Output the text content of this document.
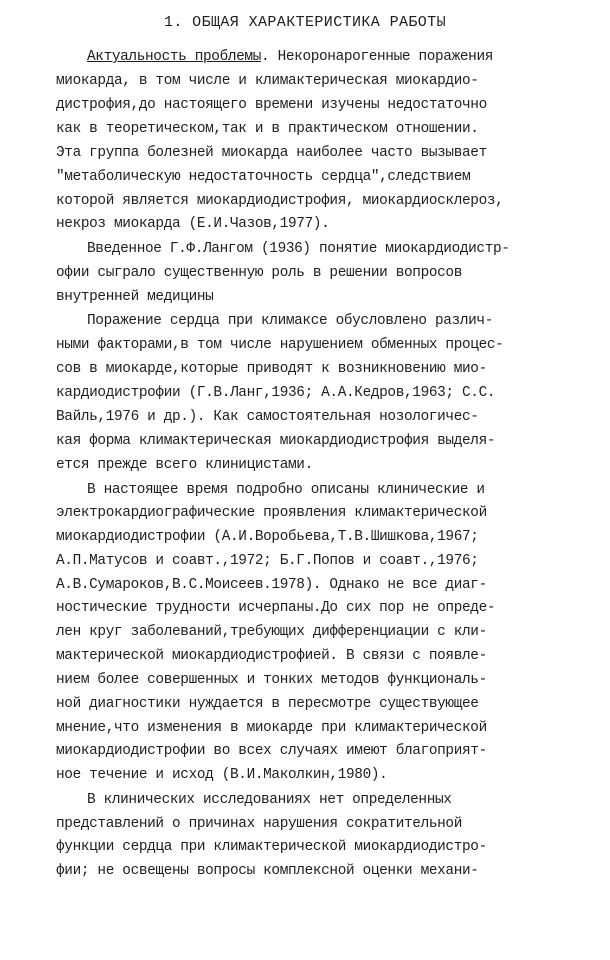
1. ОБЩАЯ ХАРАКТЕРИСТИКА РАБОТЫ
Актуальность проблемы. Некоронарогенные поражения
миокарда, в том числе и климактерическая миокардио-
дистрофия,до настоящего времени изучены недостаточно
как в теоретическом,так и в практическом отношении.
Эта группа болезней миокарда наиболее часто вызывает
"метаболическую недостаточность сердца",следствием
которой является миокардиодистрофия, миокардиосклероз,
некроз миокарда (Е.И.Чазов,1977).
Введенное Г.Ф.Лангом (1936) понятие миокардиодистр-
офии сыграло существенную роль в решении вопросов
внутренней медицины
Поражение сердца при климаксе обусловлено различ-
ными факторами,в том числе нарушением обменных процес-
сов в миокарде,которые приводят к возникновению мио-
кардиодистрофии (Г.В.Ланг,1936; А.А.Кедров,1963; С.С.
Вайль,1976 и др.). Как самостоятельная нозологичес-
кая форма климактерическая миокардиодистрофия выделя-
ется прежде всего клиницистами.
В настоящее время подробно описаны клинические и
электрокардиографические проявления климактерической
миокардиодистрофии (А.И.Воробьева,Т.В.Шишкова,1967;
А.П.Матусов и соавт.,1972; Б.Г.Попов и соавт.,1976;
А.В.Сумароков,В.С.Моисеев.1978). Однако не все диаг-
ностические трудности исчерпаны.До сих пор не опреде-
лен круг заболеваний,требующих дифференциации с кли-
мактерической миокардиодистрофией. В связи с появле-
нием более совершенных и тонких методов функциональ-
ной диагностики нуждается в пересмотре существующее
мнение,что изменения в миокарде при климактерической
миокардиодистрофии во всех случаях имеют благоприят-
ное течение и исход (В.И.Маколкин,1980).
В клинических исследованиях нет определенных
представлений о причинах нарушения сократительной
функции сердца при климактерической миокардиодистро-
фии; не освещены вопросы комплексной оценки механи-
